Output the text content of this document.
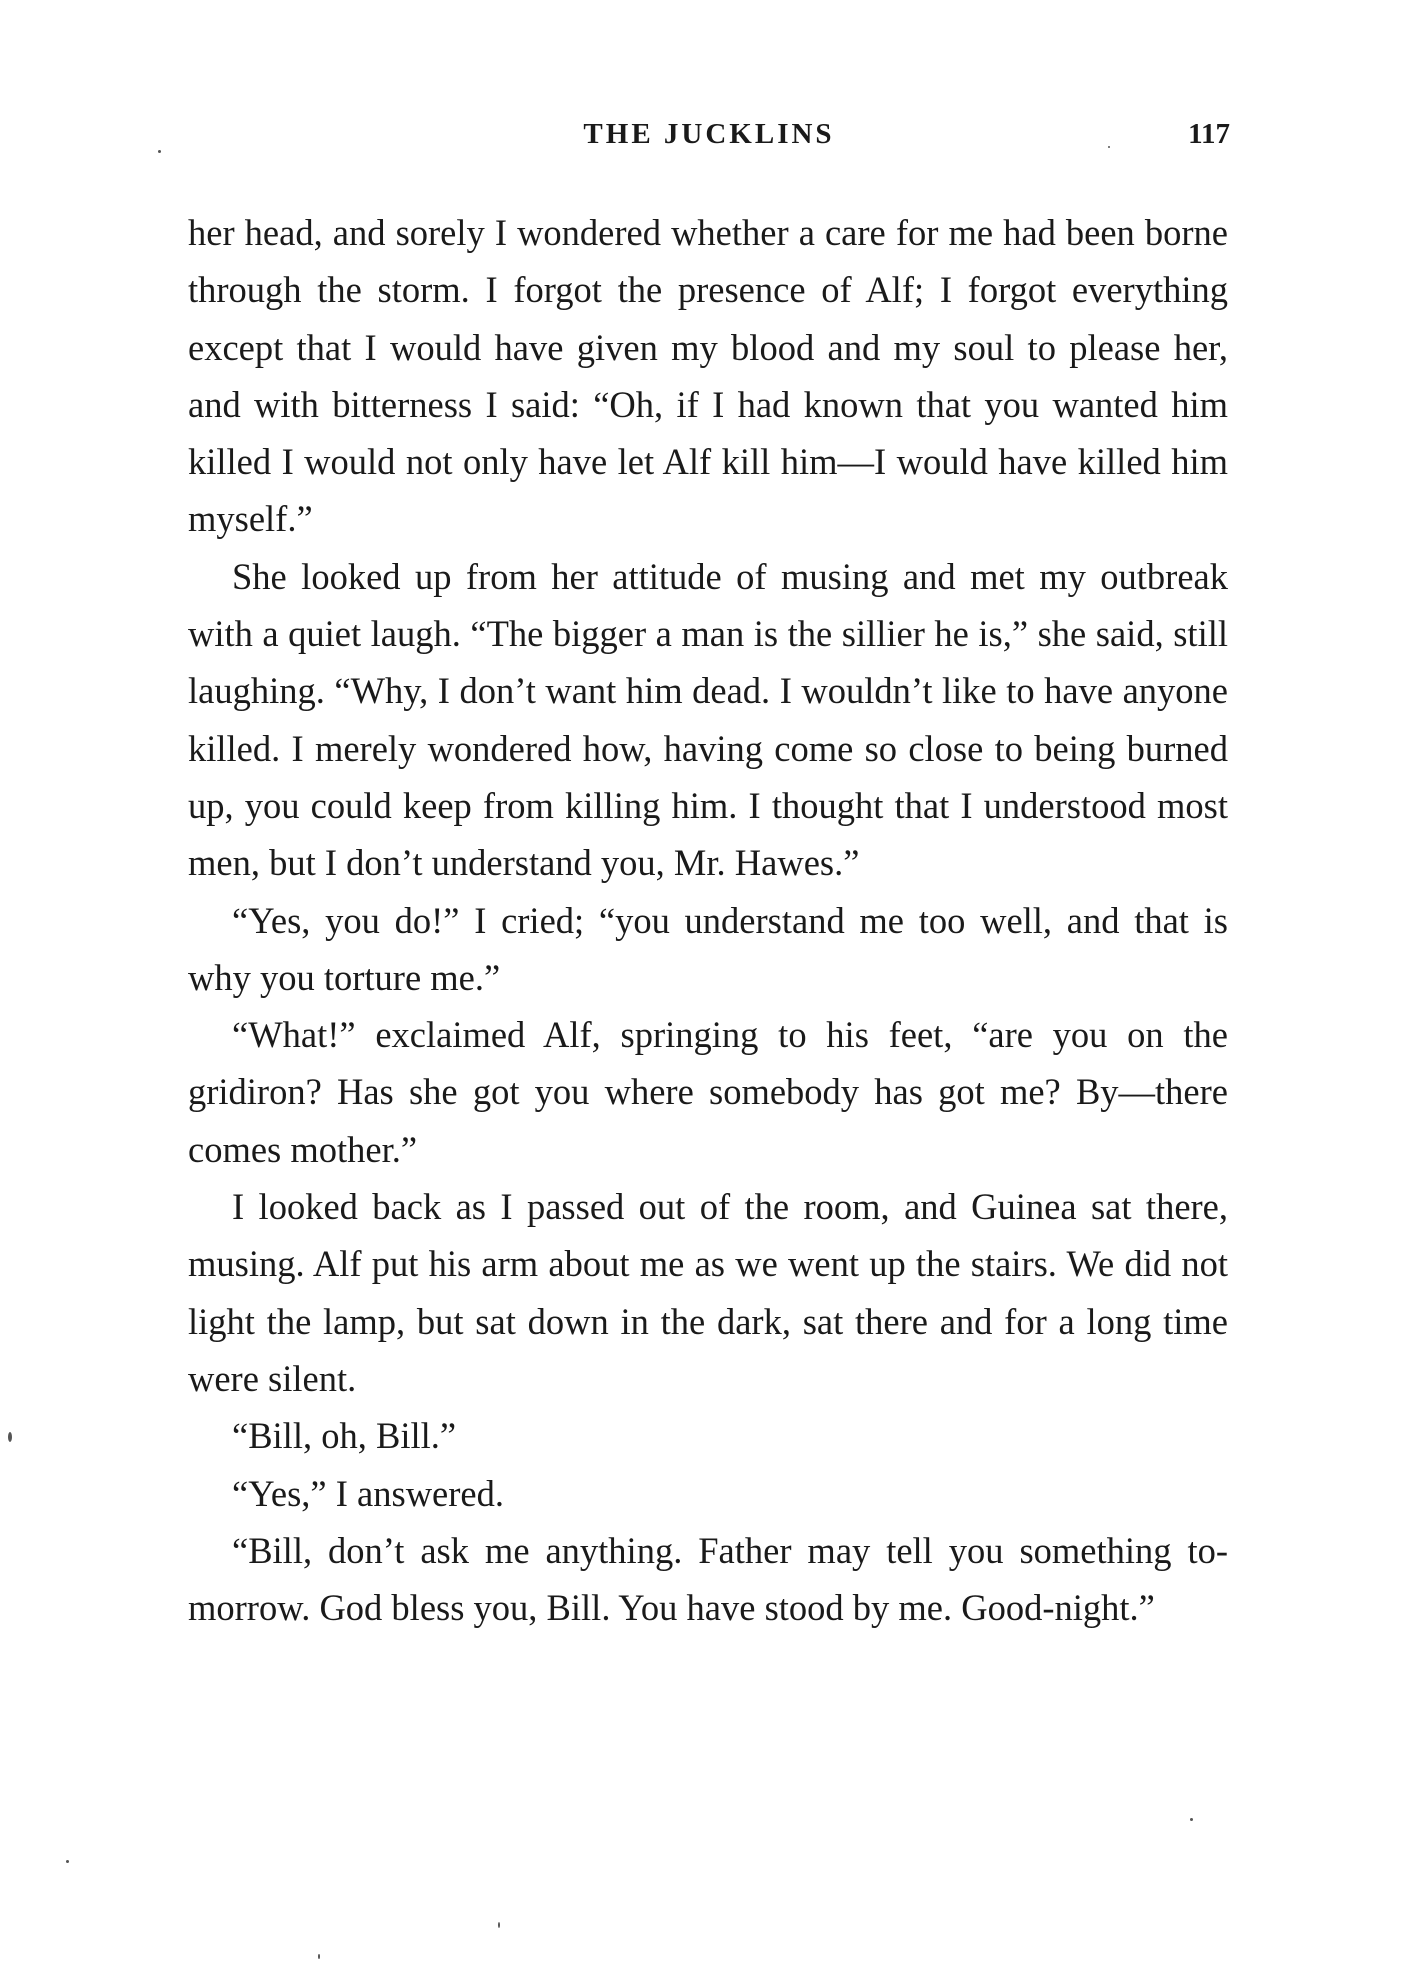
THE JUCKLINS	117

her head, and sorely I wondered whether a care for me had been borne through the storm. I forgot the presence of Alf; I forgot everything except that I would have given my blood and my soul to please her, and with bitterness I said: “Oh, if I had known that you wanted him killed I would not only have let Alf kill him—I would have killed him myself.”

She looked up from her attitude of musing and met my outbreak with a quiet laugh. “The bigger a man is the sillier he is,” she said, still laughing. “Why, I don’t want him dead. I wouldn’t like to have anyone killed. I merely wondered how, having come so close to being burned up, you could keep from killing him. I thought that I understood most men, but I don’t understand you, Mr. Hawes.”

“Yes, you do!” I cried; “you understand me too well, and that is why you torture me.”

“What!” exclaimed Alf, springing to his feet, “are you on the gridiron? Has she got you where somebody has got me? By—there comes mother.”

I looked back as I passed out of the room, and Guinea sat there, musing. Alf put his arm about me as we went up the stairs. We did not light the lamp, but sat down in the dark, sat there and for a long time were silent.

“Bill, oh, Bill.”

“Yes,” I answered.

“Bill, don’t ask me anything. Father may tell you something to-morrow. God bless you, Bill. You have stood by me. Good-night.”
